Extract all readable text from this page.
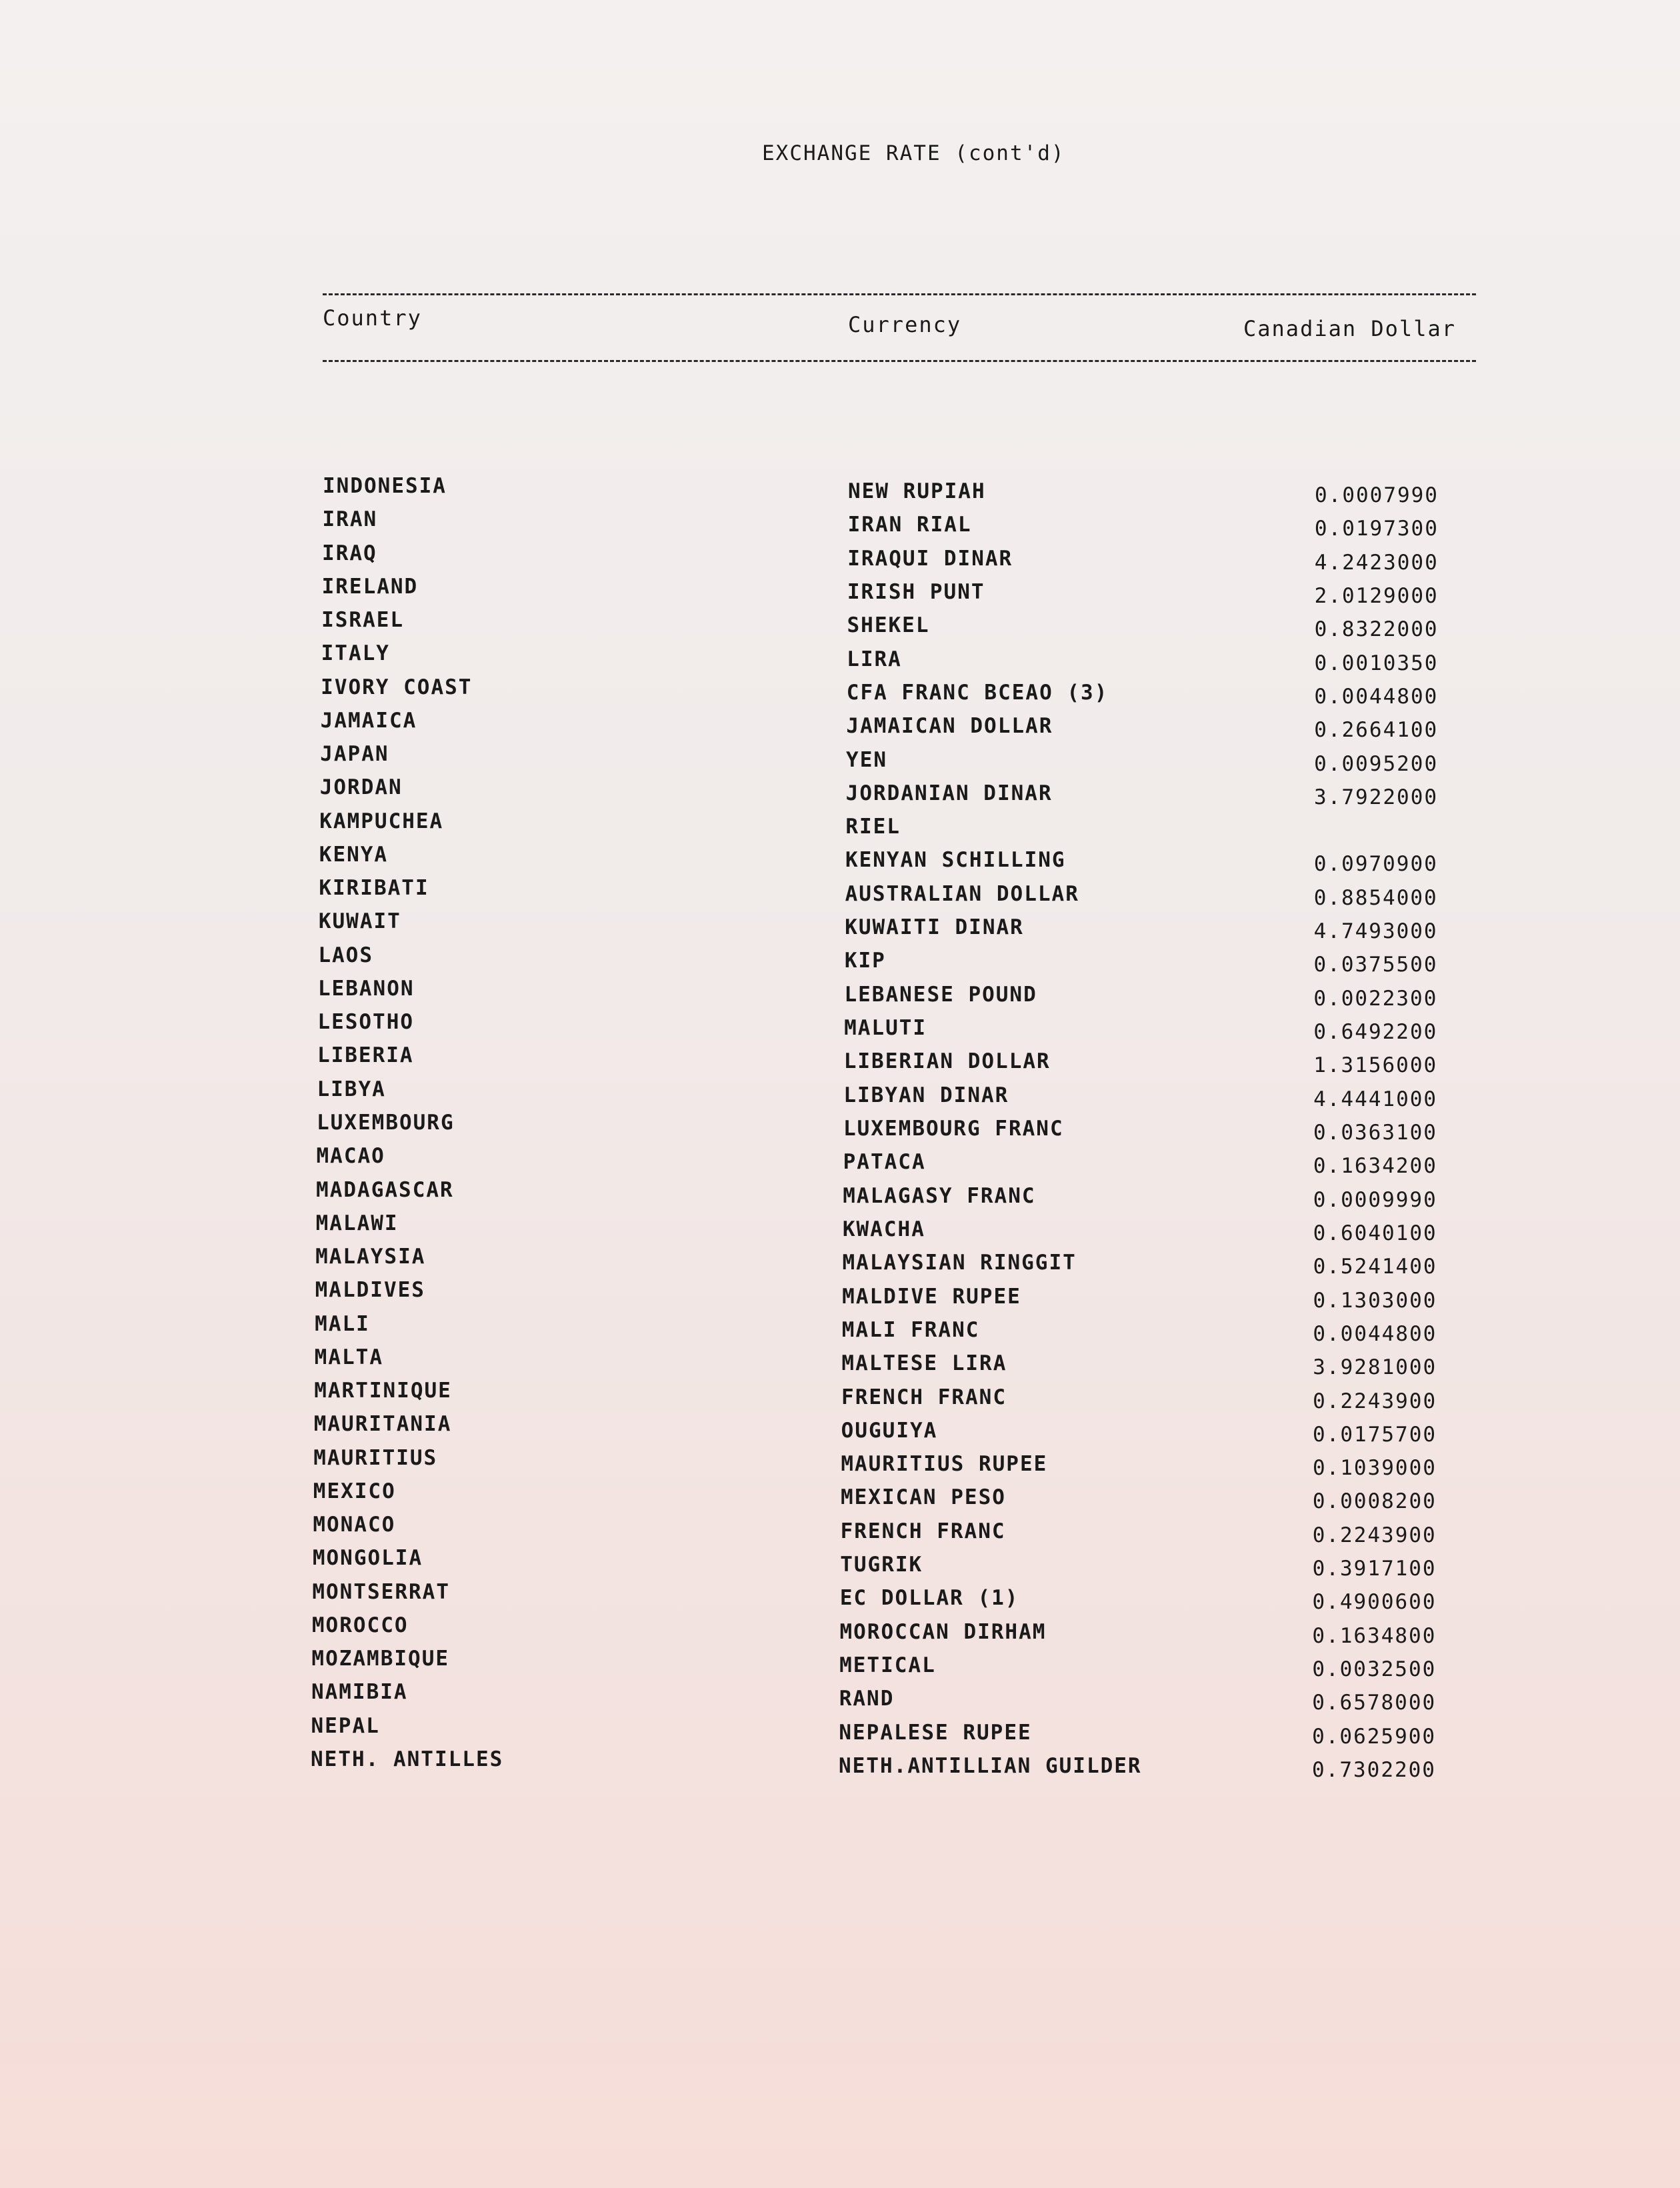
EXCHANGE RATE (cont'd)
Country	Currency	Canadian Dollar
INDONESIA
IRAN
IRAQ
IRELAND
ISRAEL
ITALY
IVORY COAST
JAMAICA
JAPAN
JORDAN
KAMPUCHEA
KENYA
KIRIBATI
KUWAIT
LAOS
LEBANON
LESOTHO
LIBERIA
LIBYA
LUXEMBOURG
MACAO
MADAGASCAR
MALAWI
MALAYSIA
MALDIVES
MALI
MALTA
MARTINIQUE
MAURITANIA
MAURITIUS
MEXICO
MONACO
MONGOLIA
MONTSERRAT
MOROCCO
MOZAMBIQUE
NAMIBIA
NEPAL
NETH. ANTILLES
NEW RUPIAH
IRAN RIAL
IRAQUI DINAR
IRISH PUNT
SHEKEL
LIRA
CFA FRANC BCEAO (3)
JAMAICAN DOLLAR
YEN
JORDANIAN DINAR
RIEL
KENYAN SCHILLING
AUSTRALIAN DOLLAR
KUWAITI DINAR
KIP
LEBANESE POUND
MALUTI
LIBERIAN DOLLAR
LIBYAN DINAR
LUXEMBOURG FRANC
PATACA
MALAGASY FRANC
KWACHA
MALAYSIAN RINGGIT
MALDIVE RUPEE
MALI FRANC
MALTESE LIRA
FRENCH FRANC
OUGUIYA
MAURITIUS RUPEE
MEXICAN PESO
FRENCH FRANC
TUGRIK
EC DOLLAR (1)
MOROCCAN DIRHAM
METICAL
RAND
NEPALESE RUPEE
NETH.ANTILLIAN GUILDER
0.0007990
0.0197300
4.2423000
2.0129000
0.8322000
0.0010350
0.0044800
0.2664100
0.0095200
3.7922000
0.0970900
0.8854000
4.7493000
0.0375500
0.0022300
0.6492200
1.3156000
4.4441000
0.0363100
0.1634200
0.0009990
0.6040100
0.5241400
0.1303000
0.0044800
3.9281000
0.2243900
0.0175700
0.1039000
0.0008200
0.2243900
0.3917100
0.4900600
0.1634800
0.0032500
0.6578000
0.0625900
0.7302200
